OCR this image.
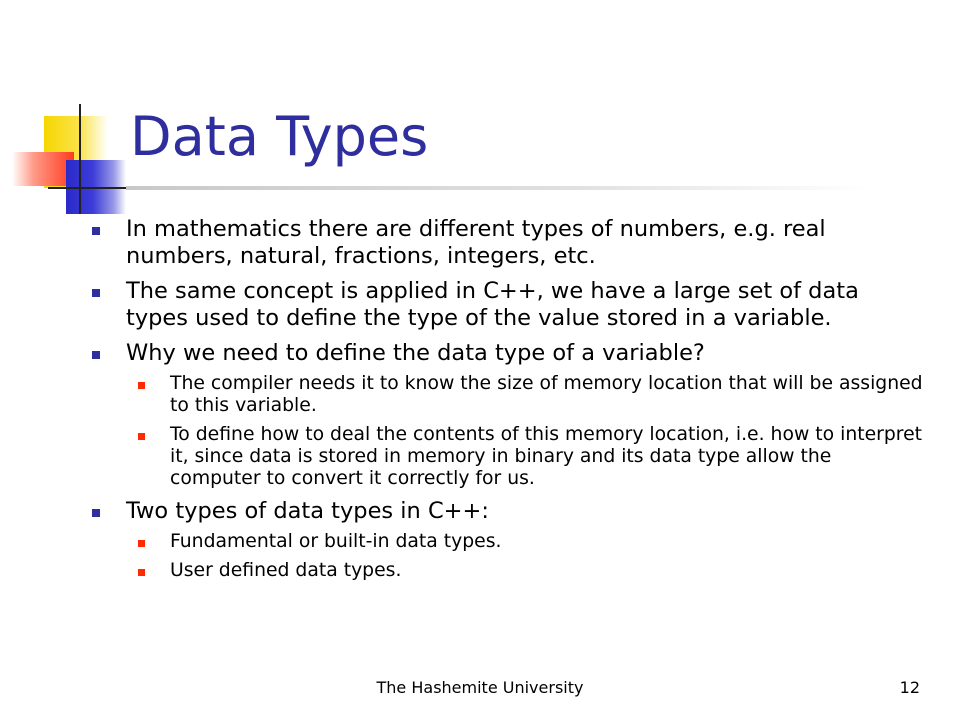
Data Types
In mathematics there are different types of numbers, e.g. real numbers, natural, fractions, integers, etc.
The same concept is applied in C++, we have a large set of data types used to define the type of the value stored in a variable.
Why we need to define the data type of a variable?
The compiler needs it to know the size of memory location that will be assigned to this variable.
To define how to deal the contents of this memory location, i.e. how to interpret it, since data is stored in memory in binary and its data type allow the computer to convert it correctly for us.
Two types of data types in C++:
Fundamental or built-in data types.
User defined data types.
The Hashemite University	12
